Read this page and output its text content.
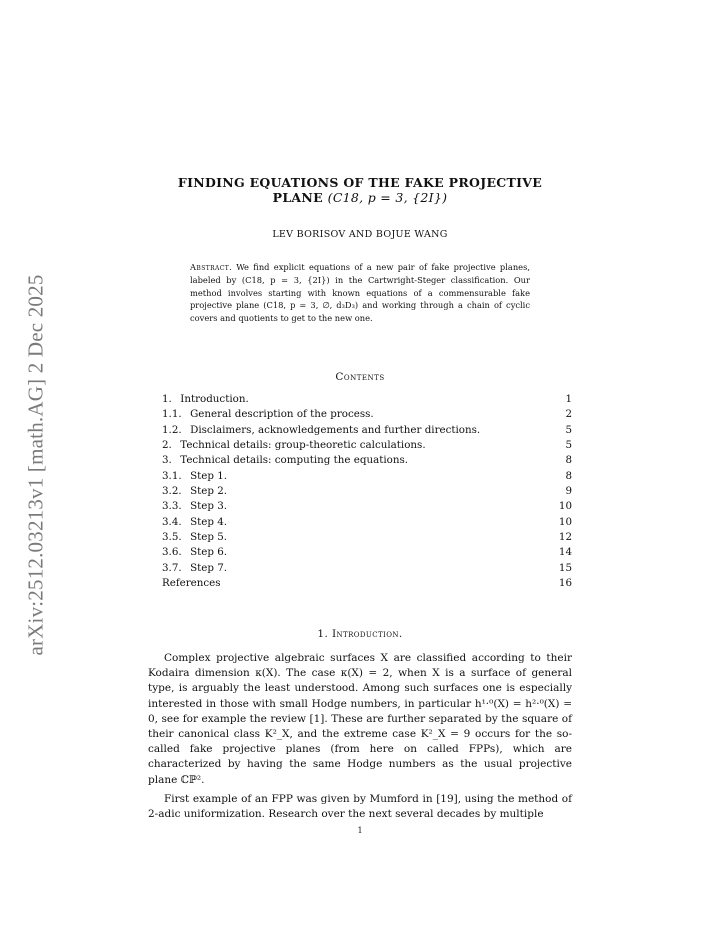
arXiv:2512.03213v1 [math.AG] 2 Dec 2025
FINDING EQUATIONS OF THE FAKE PROJECTIVE
PLANE (C18, p = 3, {2I})
LEV BORISOV AND BOJUE WANG
Abstract. We find explicit equations of a new pair of fake projective planes, labeled by (C18, p = 3, {2I}) in the Cartwright-Steger classification. Our method involves starting with known equations of a commensurable fake projective plane (C18, p = 3, ∅, d₃D₃) and working through a chain of cyclic covers and quotients to get to the new one.
Contents
1.  Introduction.	1
1.1.  General description of the process.	2
1.2.  Disclaimers, acknowledgements and further directions.	5
2.  Technical details: group-theoretic calculations.	5
3.  Technical details: computing the equations.	8
3.1.  Step 1.	8
3.2.  Step 2.	9
3.3.  Step 3.	10
3.4.  Step 4.	10
3.5.  Step 5.	12
3.6.  Step 6.	14
3.7.  Step 7.	15
References	16
1. Introduction.

Complex projective algebraic surfaces X are classified according to their Kodaira dimension κ(X). The case κ(X) = 2, when X is a surface of general type, is arguably the least understood. Among such surfaces one is especially interested in those with small Hodge numbers, in particular h¹·⁰(X) = h²·⁰(X) = 0, see for example the review [1]. These are further separated by the square of their canonical class K²_X, and the extreme case K²_X = 9 occurs for the so-called fake projective planes (from here on called FPPs), which are characterized by having the same Hodge numbers as the usual projective plane ℂℙ².

First example of an FPP was given by Mumford in [19], using the method of 2-adic uniformization. Research over the next several decades by multiple

1
